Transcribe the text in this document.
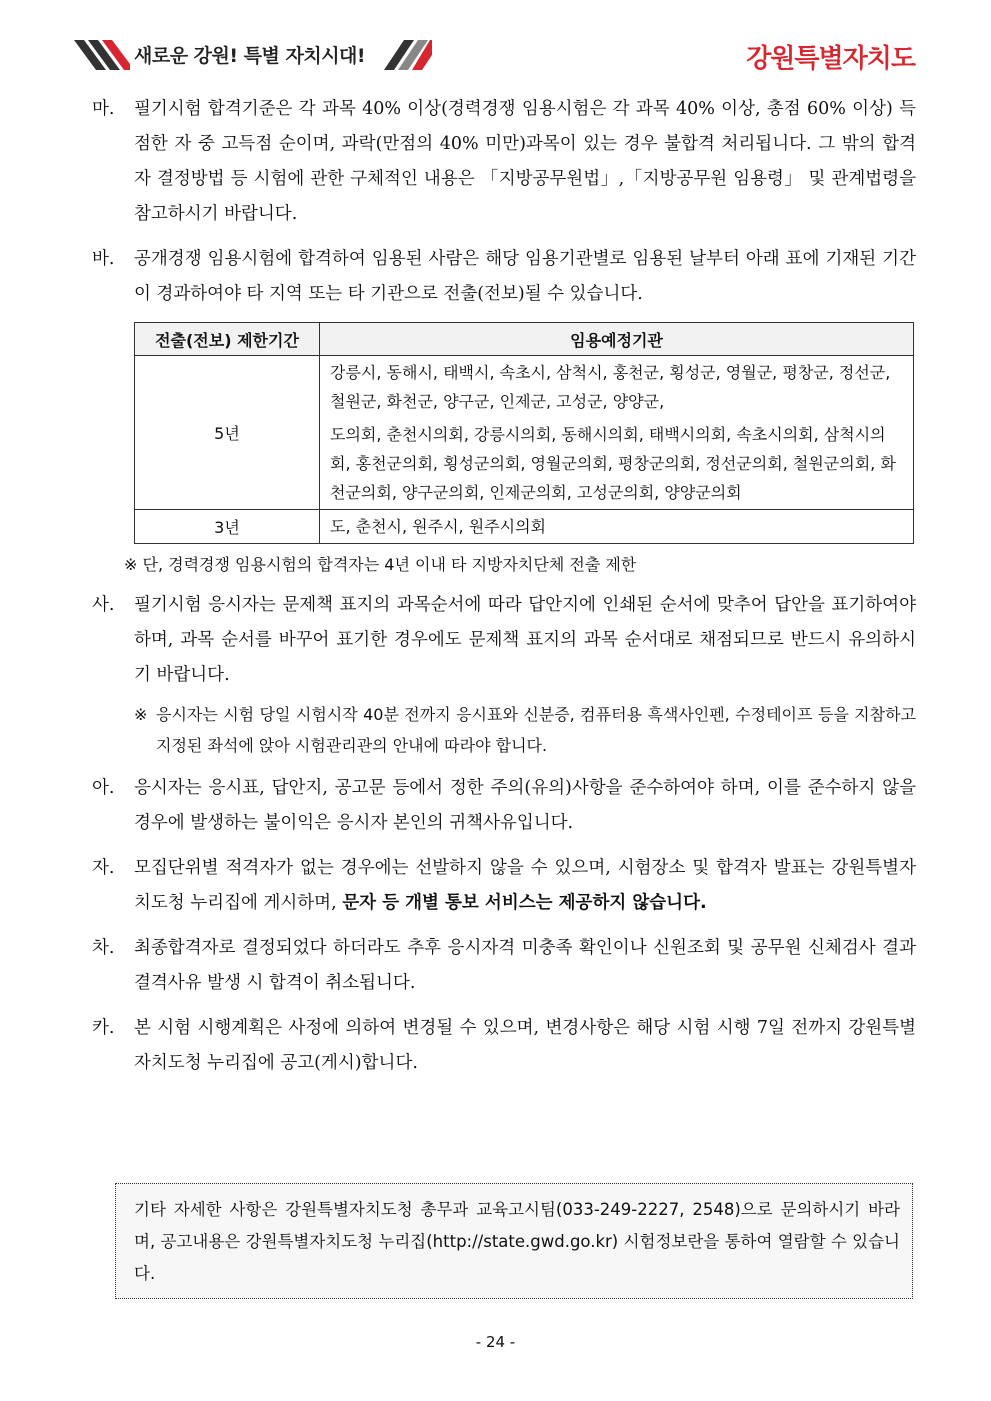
새로운 강원! 특별 자치시대!	강원특별자치도
마. 필기시험 합격기준은 각 과목 40% 이상(경력경쟁 임용시험은 각 과목 40% 이상, 총점 60% 이상) 득점한 자 중 고득점 순이며, 과락(만점의 40% 미만)과목이 있는 경우 불합격 처리됩니다. 그 밖의 합격자 결정방법 등 시험에 관한 구체적인 내용은 「지방공무원법」,「지방공무원 임용령」 및 관계법령을 참고하시기 바랍니다.
바. 공개경쟁 임용시험에 합격하여 임용된 사람은 해당 임용기관별로 임용된 날부터 아래 표에 기재된 기간이 경과하여야 타 지역 또는 타 기관으로 전출(전보)될 수 있습니다.
전출(전보) 제한기간	임용예정기관
5년	강릉시, 동해시, 태백시, 속초시, 삼척시, 홍천군, 횡성군, 영월군, 평창군, 정선군, 철원군, 화천군, 양구군, 인제군, 고성군, 양양군,

도의회, 춘천시의회, 강릉시의회, 동해시의회, 태백시의회, 속초시의회, 삼척시의회, 홍천군의회, 횡성군의회, 영월군의회, 평창군의회, 정선군의회, 철원군의회, 화천군의회, 양구군의회, 인제군의회, 고성군의회, 양양군의회

3년	도, 춘천시, 원주시, 원주시의회
※ 단, 경력경쟁 임용시험의 합격자는 4년 이내 타 지방자치단체 전출 제한
사. 필기시험 응시자는 문제책 표지의 과목순서에 따라 답안지에 인쇄된 순서에 맞추어 답안을 표기하여야 하며, 과목 순서를 바꾸어 표기한 경우에도 문제책 표지의 과목 순서대로 채점되므로 반드시 유의하시기 바랍니다.
※ 응시자는 시험 당일 시험시작 40분 전까지 응시표와 신분증, 컴퓨터용 흑색사인펜, 수정테이프 등을 지참하고 지정된 좌석에 앉아 시험관리관의 안내에 따라야 합니다.
아. 응시자는 응시표, 답안지, 공고문 등에서 정한 주의(유의)사항을 준수하여야 하며, 이를 준수하지 않을 경우에 발생하는 불이익은 응시자 본인의 귀책사유입니다.
자. 모집단위별 적격자가 없는 경우에는 선발하지 않을 수 있으며, 시험장소 및 합격자 발표는 강원특별자치도청 누리집에 게시하며, 문자 등 개별 통보 서비스는 제공하지 않습니다.
차. 최종합격자로 결정되었다 하더라도 추후 응시자격 미충족 확인이나 신원조회 및 공무원 신체검사 결과 결격사유 발생 시 합격이 취소됩니다.
카. 본 시험 시행계획은 사정에 의하여 변경될 수 있으며, 변경사항은 해당 시험 시행 7일 전까지 강원특별자치도청 누리집에 공고(게시)합니다.
기타 자세한 사항은 강원특별자치도청 총무과 교육고시팀(033-249-2227, 2548)으로 문의하시기 바라며, 공고내용은 강원특별자치도청 누리집(http://state.gwd.go.kr) 시험정보란을 통하여 열람할 수 있습니다.
- 24 -
